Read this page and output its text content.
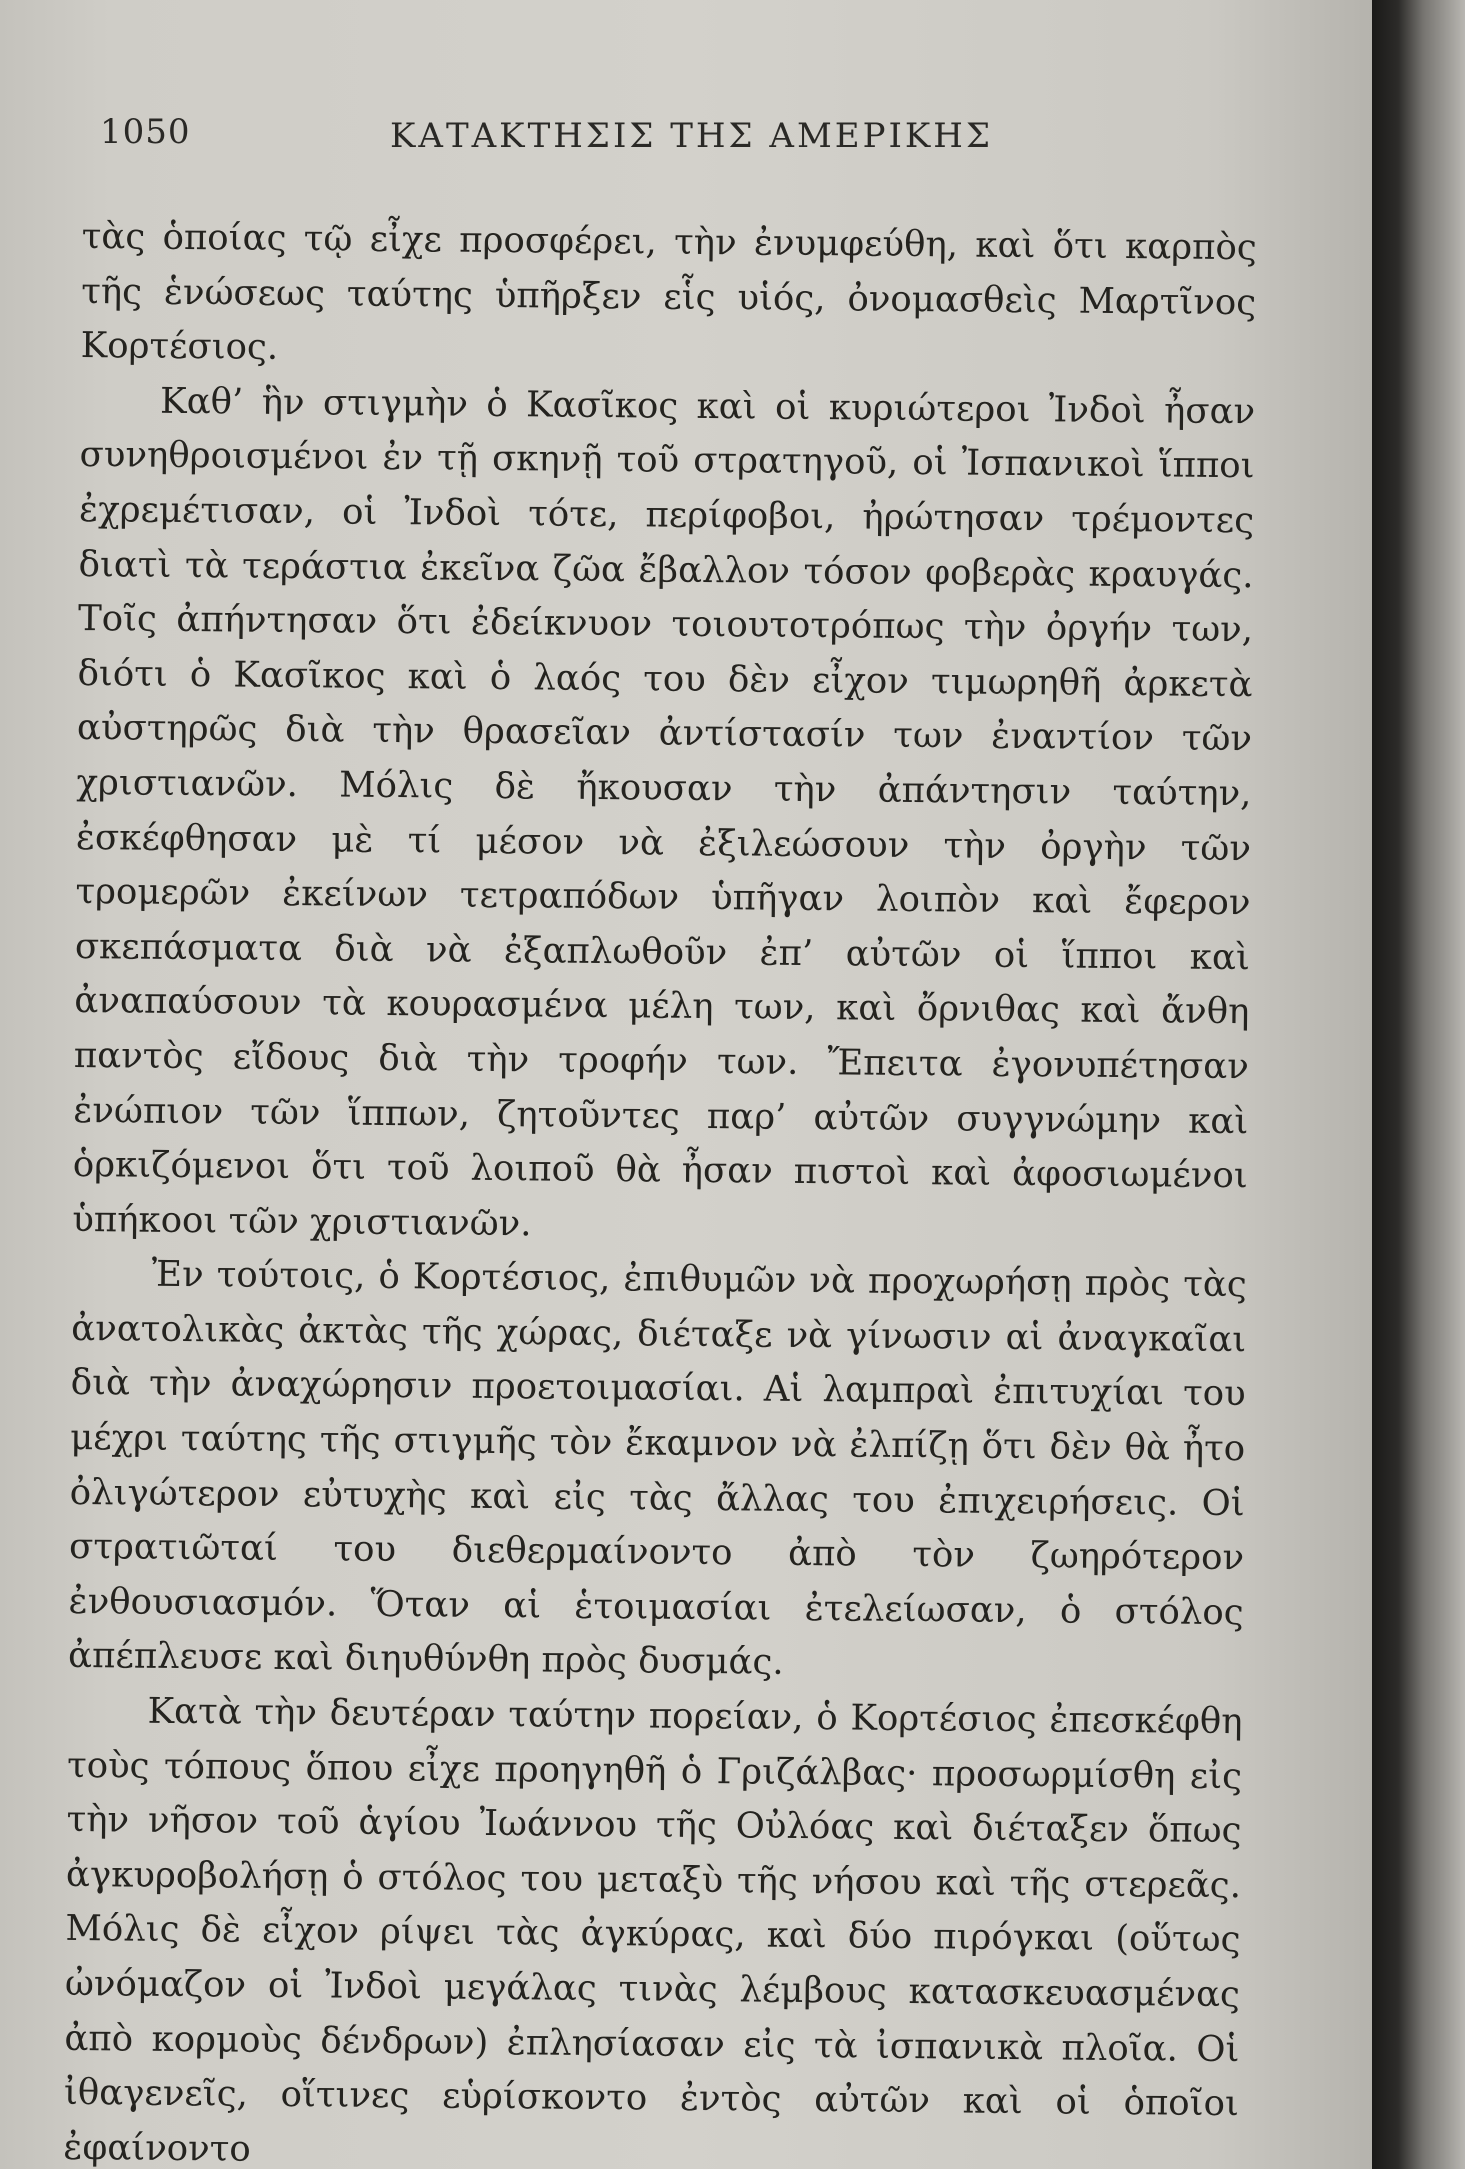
1050	ΚΑΤΑΚΤΗΣΙΣ ΤΗΣ ΑΜΕΡΙΚΗΣ

τὰς ὁποίας τῷ εἶχε προσφέρει, τὴν ἐνυμφεύθη, καὶ ὅτι καρπὸς τῆς ἑνώσεως ταύτης ὑπῆρξεν εἷς υἱός, ὀνομασθεὶς Μαρτῖνος Κορτέσιος.

Καθ’ ἣν στιγμὴν ὁ Κασῖκος καὶ οἱ κυριώτεροι Ἰνδοὶ ἦσαν συνηθροισμένοι ἐν τῇ σκηνῇ τοῦ στρατηγοῦ, οἱ Ἰσπανικοὶ ἵπποι ἐχρεμέτισαν, οἱ Ἰνδοὶ τότε, περίφοβοι, ἠρώτησαν τρέμοντες διατὶ τὰ τεράστια ἐκεῖνα ζῶα ἔβαλλον τόσον φοβερὰς κραυγάς. Τοῖς ἀπήντησαν ὅτι ἐδείκνυον τοιουτοτρόπως τὴν ὀργήν των, διότι ὁ Κασῖκος καὶ ὁ λαός του δὲν εἶχον τιμωρηθῆ ἀρκετὰ αὐστηρῶς διὰ τὴν θρασεῖαν ἀντίστασίν των ἐναντίον τῶν χριστιανῶν. Μόλις δὲ ἤκουσαν τὴν ἀπάντησιν ταύτην, ἐσκέφθησαν μὲ τί μέσον νὰ ἐξιλεώσουν τὴν ὀργὴν τῶν τρομερῶν ἐκείνων τετραπόδων ὑπῆγαν λοιπὸν καὶ ἔφερον σκεπάσματα διὰ νὰ ἐξαπλωθοῦν ἐπ’ αὐτῶν οἱ ἵπποι καὶ ἀναπαύσουν τὰ κουρασμένα μέλη των, καὶ ὄρνιθας καὶ ἄνθη παντὸς εἴδους διὰ τὴν τροφήν των. Ἔπειτα ἐγονυπέτησαν ἐνώπιον τῶν ἵππων, ζητοῦντες παρ’ αὐτῶν συγγνώμην καὶ ὁρκιζόμενοι ὅτι τοῦ λοιποῦ θὰ ἦσαν πιστοὶ καὶ ἀφοσιωμένοι ὑπήκοοι τῶν χριστιανῶν.

Ἐν τούτοις, ὁ Κορτέσιος, ἐπιθυμῶν νὰ προχωρήσῃ πρὸς τὰς ἀνατολικὰς ἀκτὰς τῆς χώρας, διέταξε νὰ γίνωσιν αἱ ἀναγκαῖαι διὰ τὴν ἀναχώρησιν προετοιμασίαι. Αἱ λαμπραὶ ἐπιτυχίαι του μέχρι ταύτης τῆς στιγμῆς τὸν ἔκαμνον νὰ ἐλπίζῃ ὅτι δὲν θὰ ἦτο ὀλιγώτερον εὐτυχὴς καὶ εἰς τὰς ἄλλας του ἐπιχειρήσεις. Οἱ στρατιῶταί του διεθερμαίνοντο ἀπὸ τὸν ζωηρότερον ἐνθουσιασμόν. Ὅταν αἱ ἑτοιμασίαι ἐτελείωσαν, ὁ στόλος ἀπέπλευσε καὶ διηυθύνθη πρὸς δυσμάς.

Κατὰ τὴν δευτέραν ταύτην πορείαν, ὁ Κορτέσιος ἐπεσκέφθη τοὺς τόπους ὅπου εἶχε προηγηθῆ ὁ Γριζάλβας· προσωρμίσθη εἰς τὴν νῆσον τοῦ ἁγίου Ἰωάννου τῆς Οὐλόας καὶ διέταξεν ὅπως ἀγκυροβολήσῃ ὁ στόλος του μεταξὺ τῆς νήσου καὶ τῆς στερεᾶς. Μόλις δὲ εἶχον ρίψει τὰς ἀγκύρας, καὶ δύο πιρόγκαι (οὕτως ὠνόμαζον οἱ Ἰνδοὶ μεγάλας τινὰς λέμβους κατασκευασμένας ἀπὸ κορμοὺς δένδρων) ἐπλησίασαν εἰς τὰ ἰσπανικὰ πλοῖα. Οἱ ἰθαγενεῖς, οἵτινες εὑρίσκοντο ἐντὸς αὐτῶν καὶ οἱ ὁποῖοι ἐφαίνοντο
